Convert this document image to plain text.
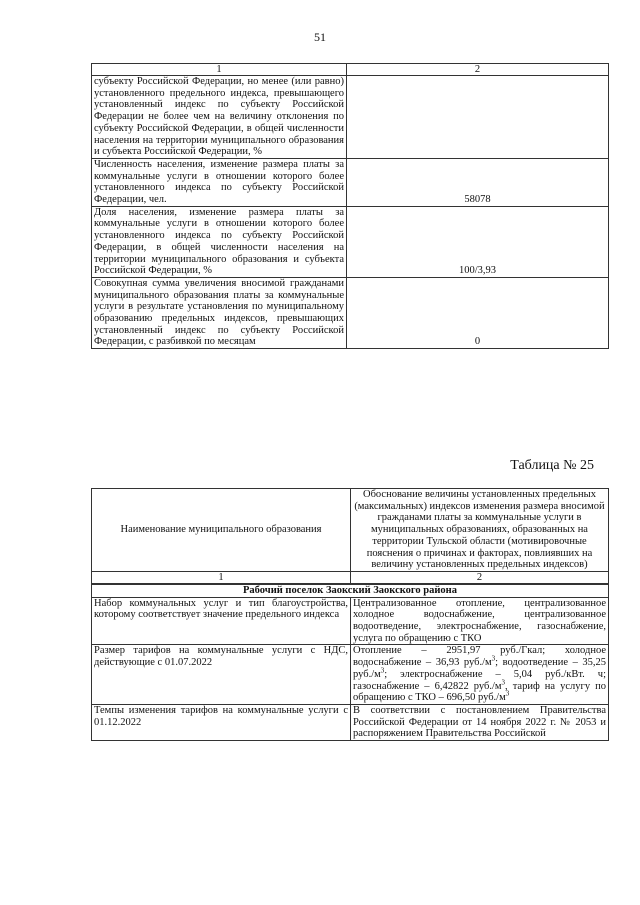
51
1	2
субъекту Российской Федерации, но менее (или равно) установленного предельного индекса, превышающего установленный индекс по субъекту Российской Федерации не более чем на величину отклонения по субъекту Российской Федерации, в общей численности населения на территории муниципального образования и субъекта Российской Федерации, %	
Численность населения, изменение размера платы за коммунальные услуги в отношении которого более установленного индекса по субъекту Российской Федерации, чел.	58078
Доля населения, изменение размера платы за коммунальные услуги в отношении которого более установленного индекса по субъекту Российской Федерации, в общей численности населения на территории муниципального образования и субъекта Российской Федерации, %	100/3,93
Совокупная сумма увеличения вносимой гражданами муниципального образования платы за коммунальные услуги в результате установления по муниципальному образованию предельных индексов, превышающих установленный индекс по субъекту Российской Федерации, с разбивкой по месяцам	0
Таблица № 25
Наименование муниципального образования	Обоснование величины установленных предельных (максимальных) индексов изменения размера вносимой гражданами платы за коммунальные услуги в муниципальных образованиях, образованных на территории Тульской области (мотивировочные пояснения о причинах и факторах, повлиявших на величину установленных предельных индексов)
1	2
Рабочий поселок Заокский Заокского района	
Набор коммунальных услуг и тип благоустройства, которому соответствует значение предельного индекса	Централизованное отопление, централизованное холодное водоснабжение, централизованное водоотведение, электроснабжение, газоснабжение, услуга по обращению с ТКО
Размер тарифов на коммунальные услуги с НДС, действующие с 01.07.2022	Отопление – 2951,97 руб./Гкал; холодное водоснабжение – 36,93 $руб./м^3$; водоотведение – 35,25 $руб./м^3$; электроснабжение – 5,04 руб./кВт. ч; газоснабжение – 6,42822 $руб./м^3$, тариф на услугу по обращению с ТКО – 696,50 $руб./м^3$
Темпы изменения тарифов на коммунальные услуги с 01.12.2022	В соответствии с постановлением Правительства Российской Федерации от 14 ноября 2022 г. № 2053 и распоряжением Правительства Российской
